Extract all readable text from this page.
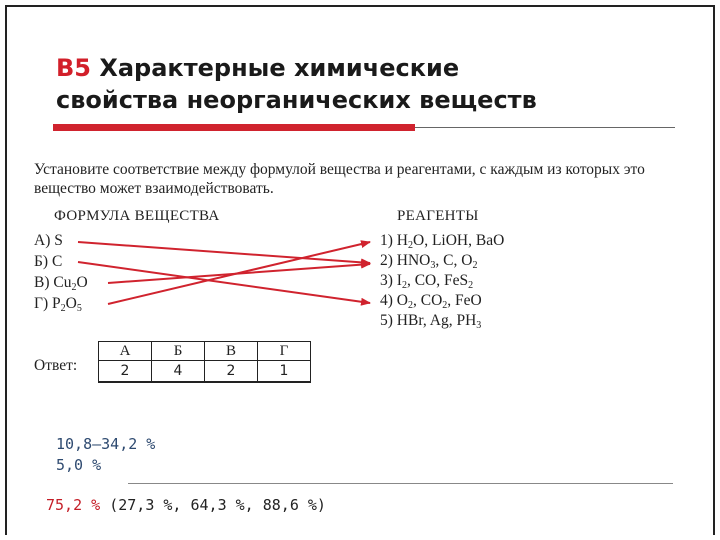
B5 Характерные химические
свойства неорганических веществ
Установите соответствие между формулой вещества и реагентами, с каждым из которых это вещество может взаимодействовать.
ФОРМУЛА ВЕЩЕСТВА	РЕАГЕНТЫ
А) S
Б) C
В) $Cu_2O$
Г) $P_2O_5$
1) $H_2O$, LiOH, BaO
2) $HNO_3$, C, $O_2$
3) $I_2$, CO, FeS$_2$
4) $O_2$, $CO_2$, FeO
5) HBr, Ag, $PH_3$
Ответ:
А	Б	В	Г
2	4	2	1
10,8–34,2 %
5,0 %
75,2 % (27,3 %, 64,3 %, 88,6 %)
